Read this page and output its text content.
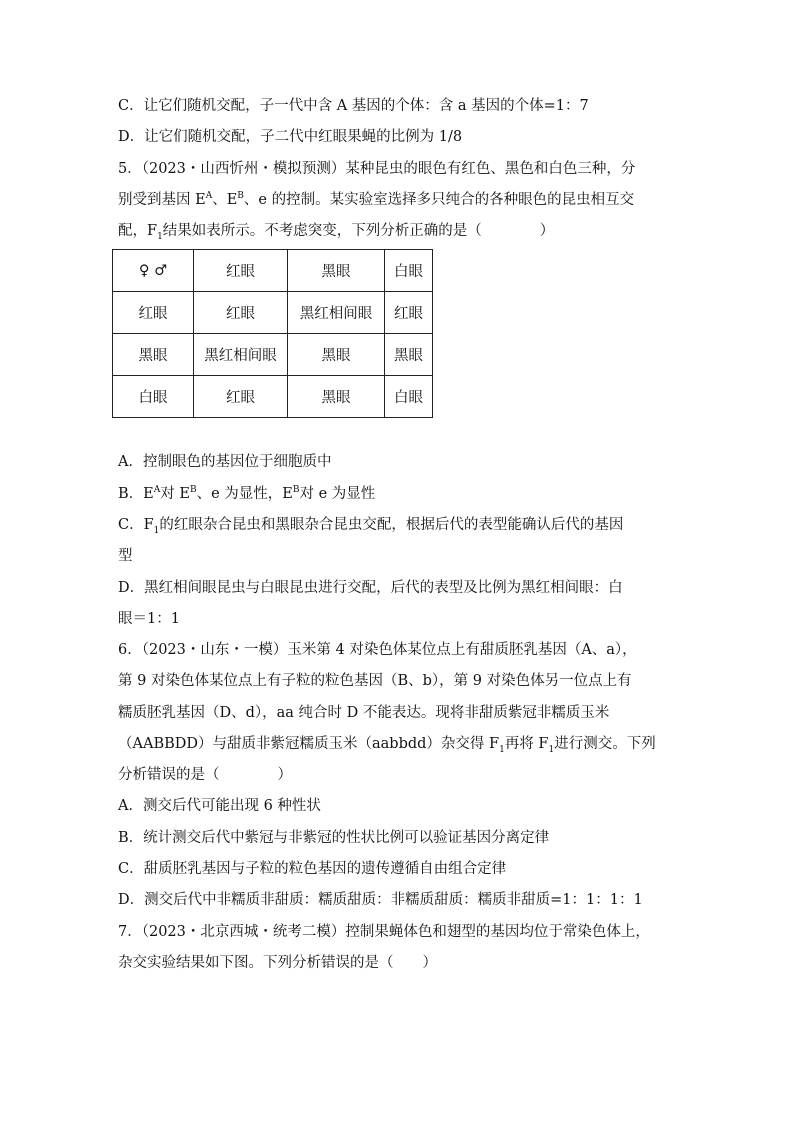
C．让它们随机交配，子一代中含 A 基因的个体：含 a 基因的个体=1：7
D．让它们随机交配，子二代中红眼果蝇的比例为 1/8
5．（2023・山西忻州・模拟预测）某种昆虫的眼色有红色、黑色和白色三种，分
别受到基因 $E^A$、$E^B$、e 的控制。某实验室选择多只纯合的各种眼色的昆虫相互交
配，$F_1$结果如表所示。不考虑突变，下列分析正确的是（　　　　）
♀ ♂	红眼	黑眼	白眼
红眼	红眼	黑红相间眼	红眼
黑眼	黑红相间眼	黑眼	黑眼
白眼	红眼	黑眼	白眼
A．控制眼色的基因位于细胞质中
B．$E^A$对 $E^B$、e 为显性，$E^B$对 e 为显性
C．$F_1$的红眼杂合昆虫和黑眼杂合昆虫交配，根据后代的表型能确认后代的基因
型
D．黑红相间眼昆虫与白眼昆虫进行交配，后代的表型及比例为黑红相间眼：白
眼＝1：1
6．（2023・山东・一模）玉米第 4 对染色体某位点上有甜质胚乳基因（A、a），
第 9 对染色体某位点上有子粒的粒色基因（B、b），第 9 对染色体另一位点上有
糯质胚乳基因（D、d），aa 纯合时 D 不能表达。现将非甜质紫冠非糯质玉米
（AABBDD）与甜质非紫冠糯质玉米（aabbdd）杂交得 $F_1$再将 $F_1$进行测交。下列
分析错误的是（　　　　）
A．测交后代可能出现 6 种性状
B．统计测交后代中紫冠与非紫冠的性状比例可以验证基因分离定律
C．甜质胚乳基因与子粒的粒色基因的遗传遵循自由组合定律
D．测交后代中非糯质非甜质：糯质甜质：非糯质甜质：糯质非甜质=1：1：1：1
7．（2023・北京西城・统考二模）控制果蝇体色和翅型的基因均位于常染色体上，
杂交实验结果如下图。下列分析错误的是（　　）
